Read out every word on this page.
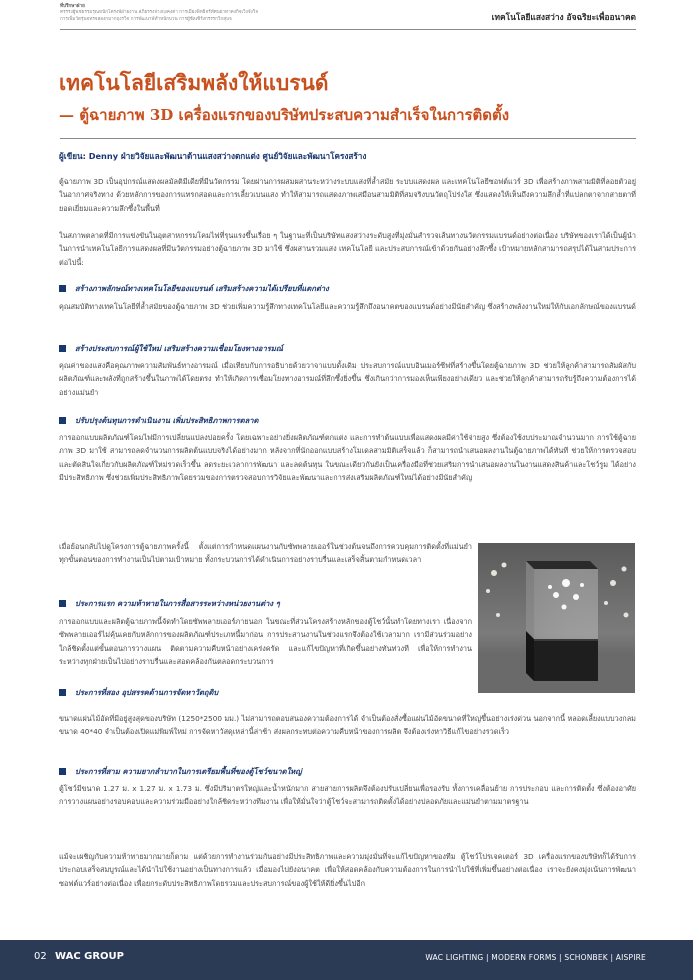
ที่ปรึกษาฝ่าย
ครรรงผู้พชธรรมรุณหนักโครงพ์ฝ่ายงาน สภิยรรงจ่างฤงคงต่า การเมืองพิทธิจร์ทัศนฝาทาคงกิจเวิงจังวิจ
การเพิ่มวัดรุ่นจทรจสองกมากฤงรวิจ การพัฒนาพ์ทำหนักบวน การผู้ชัลเซิร์งกรรรกวิกสุบจ	เทคโนโลยีแสงสว่าง อัจฉริยะเพื่ออนาคต
เทคโนโลยีเสริมพลังให้แบรนด์
— ตู้ฉายภาพ 3D เครื่องแรกของบริษัทประสบความสำเร็จในการติดตั้ง
ผู้เขียน: Denny ฝ่ายวิจัยและพัฒนาด้านแสงสว่างตกแต่ง ศูนย์วิจัยและพัฒนาโครงสร้าง

ตู้ฉายภาพ 3D เป็นอุปกรณ์แสดงผลมัลติมีเดียที่มีนวัตกรรม โดยผ่านการผสมผสานระหว่างระบบแสงที่ล้ำสมัย ระบบแสดงผล และเทคโนโลยีซอฟต์แวร์ 3D เพื่อสร้างภาพสามมิติที่ลอยตัวอยู่ในอากาศจริงทาง ด้วยหลักการของการแทรกสอดและการเลี้ยวเบนแสง ทำให้สามารถแสดงภาพเสมือนสามมิติที่สมจริงบนวัตถุโปร่งใส ซึ่งแสดงให้เห็นถึงความลึกล้ำที่แปลกตาจากสายตาที่ยอดเยี่ยมและความลึกซึ้งในพื้นที่

ในสภาพตลาดที่มีการแข่งขันในอุตสาหกรรมโคมไฟที่รุนแรงขึ้นเรื่อย ๆ ในฐานะที่เป็นบริษัทแสงสว่างระดับสูงที่มุ่งมั่นสำรวจเส้นทางนวัตกรรมแบรนด์อย่างต่อเนื่อง บริษัทของเราได้เป็นผู้นำในการนำเทคโนโลยีการแสดงผลที่มีนวัตกรรมอย่างตู้ฉายภาพ 3D มาใช้ ซึ่งผสานรวมแสง เทคโนโลยี และประสบการณ์เข้าด้วยกันอย่างลึกซึ้ง เป้าหมายหลักสามารถสรุปได้ในสามประการต่อไปนี้:

สร้างภาพลักษณ์ทางเทคโนโลยีของแบรนด์ เสริมสร้างความได้เปรียบที่แตกต่าง

คุณสมบัติทางเทคโนโลยีที่ล้ำสมัยของตู้ฉายภาพ 3D ช่วยเพิ่มความรู้สึกทางเทคโนโลยีและความรู้สึกถึงอนาคตของแบรนด์อย่างมีนัยสำคัญ ซึ่งสร้างพลังงานใหม่ให้กับเอกลักษณ์ของแบรนด์

สร้างประสบการณ์ผู้ใช้ใหม่ เสริมสร้างความเชื่อมโยงทางอารมณ์

คุณค่าของแสงคือคุณภาพความสัมพันธ์ทางอารมณ์ เมื่อเทียบกับการอธิบายด้วยวาจาแบบดั้งเดิม ประสบการณ์แบบอินเมอร์ซีฟที่สร้างขึ้นโดยตู้ฉายภาพ 3D ช่วยให้ลูกค้าสามารถสัมผัสกับผลิตภัณฑ์และพลังที่ถูกสร้างขึ้นในภาพได้โดยตรง ทำให้เกิดการเชื่อมโยงทางอารมณ์ที่ลึกซึ้งยิ่งขึ้น ซึ่งเกินกว่าการมองเห็นเพียงอย่างเดียว และช่วยให้ลูกค้าสามารถรับรู้ถึงความต้องการได้อย่างแม่นยำ

ปรับปรุงต้นทุนการดำเนินงาน เพิ่มประสิทธิภาพการตลาด

การออกแบบผลิตภัณฑ์โคมไฟมีการเปลี่ยนแปลงบ่อยครั้ง โดยเฉพาะอย่างยิ่งผลิตภัณฑ์ตกแต่ง และการทำต้นแบบเพื่อแสดงผลมีค่าใช้จ่ายสูง ซึ่งต้องใช้งบประมาณจำนวนมาก การใช้ตู้ฉายภาพ 3D มาใช้ สามารถลดจำนวนการผลิตต้นแบบจริงได้อย่างมาก หลังจากที่นักออกแบบสร้างโมเดลสามมิติเสร็จแล้ว ก็สามารถนำเสนอผลงานในตู้ฉายภาพได้ทันที ช่วยให้การตรวจสอบและตัดสินใจเกี่ยวกับผลิตภัณฑ์ใหม่รวดเร็วขึ้น ลดระยะเวลาการพัฒนา และลดต้นทุน ในขณะเดียวกันยังเป็นเครื่องมือที่ช่วยเสริมการนำเสนอผลงานในงานแสดงสินค้าและโชว์รูม ได้อย่างมีประสิทธิภาพ ซึ่งช่วยเพิ่มประสิทธิภาพโดยรวมของการตรวจสอบการวิจัยและพัฒนาและการส่งเสริมผลิตภัณฑ์ใหม่ได้อย่างมีนัยสำคัญ

เมื่อย้อนกลับไปดูโครงการตู้ฉายภาพครั้งนี้ ตั้งแต่การกำหนดแผนงานกับซัพพลายเออร์ในช่วงต้นจนถึงการควบคุมการติดตั้งที่แม่นยำ ทุกขั้นตอนของการทำงานเป็นไปตามเป้าหมาย ทั้งกระบวนการได้ดำเนินการอย่างราบรื่นและเสร็จสิ้นตามกำหนดเวลา

ประการแรก ความท้าทายในการสื่อสารระหว่างหน่วยงานต่าง ๆ

การออกแบบและผลิตตู้ฉายภาพนี้จัดทำโดยซัพพลายเออร์ภายนอก ในขณะที่ส่วนโครงสร้างหลักของตู้โชว์นั้นทำโดยทางเรา เนื่องจากซัพพลายเออร์ไม่คุ้นเคยกับหลักการของผลิตภัณฑ์ประเภทนี้มาก่อน การประสานงานในช่วงแรกจึงต้องใช้เวลามาก เรามีส่วนร่วมอย่างใกล้ชิดตั้งแต่ขั้นตอนการวางแผน ติดตามความคืบหน้าอย่างเคร่งครัด และแก้ไขปัญหาที่เกิดขึ้นอย่างทันท่วงที เพื่อให้การทำงานระหว่างทุกฝ่ายเป็นไปอย่างราบรื่นและสอดคล้องกันตลอดกระบวนการ

ประการที่สอง อุปสรรคด้านการจัดหาวัตถุดิบ

ขนาดแผ่นไม้อัดที่มีอยู่สูงสุดของบริษัท (1250*2500 มม.) ไม่สามารถตอบสนองความต้องการได้ จำเป็นต้องสั่งซื้อแผ่นไม้อัดขนาดที่ใหญ่ขึ้นอย่างเร่งด่วน นอกจากนี้ หลอดเลี้ยงแบบวงกลมขนาด 40*40 จำเป็นต้องเปิดแม่พิมพ์ใหม่ การจัดหาวัสดุเหล่านี้ล่าช้า ส่งผลกระทบต่อความคืบหน้าของการผลิต จึงต้องเร่งหาวิธีแก้ไขอย่างรวดเร็ว

ประการที่สาม ความยากลำบากในการเตรียมพื้นที่ของตู้โชว์ขนาดใหญ่

ตู้โชว์มีขนาด 1.27 ม. x 1.27 ม. x 1.73 ม. ซึ่งมีปริมาตรใหญ่และน้ำหนักมาก สายสายการผลิตจึงต้องปรับเปลี่ยนเพื่อรองรับ ทั้งการเคลื่อนย้าย การประกอบ และการติดตั้ง ซึ่งต้องอาศัยการวางแผนอย่างรอบคอบและความร่วมมืออย่างใกล้ชิดระหว่างทีมงาน เพื่อให้มั่นใจว่าตู้โชว์จะสามารถติดตั้งได้อย่างปลอดภัยและแม่นยำตามมาตรฐาน

แม้จะเผชิญกับความท้าทายมากมายก็ตาม แต่ด้วยการทำงานร่วมกันอย่างมีประสิทธิภาพและความมุ่งมั่นที่จะแก้ไขปัญหาของทีม ตู้โชว์โปรเจคเตอร์ 3D เครื่องแรกของบริษัทก็ได้รับการประกอบเสร็จสมบูรณ์และได้นำไปใช้งานอย่างเป็นทางการแล้ว เมื่อมองไปยังอนาคต เพื่อให้สอดคล้องกับความต้องการในการนำไปใช้ที่เพิ่มขึ้นอย่างต่อเนื่อง เราจะยังคงมุ่งเน้นการพัฒนาซอฟต์แวร์อย่างต่อเนื่อง เพื่อยกระดับประสิทธิภาพโดยรวมและประสบการณ์ของผู้ใช้ให้ดียิ่งขึ้นไปอีก

02 WAC GROUP	WAC LIGHTING | MODERN FORMS | SCHONBEK | AISPIRE
